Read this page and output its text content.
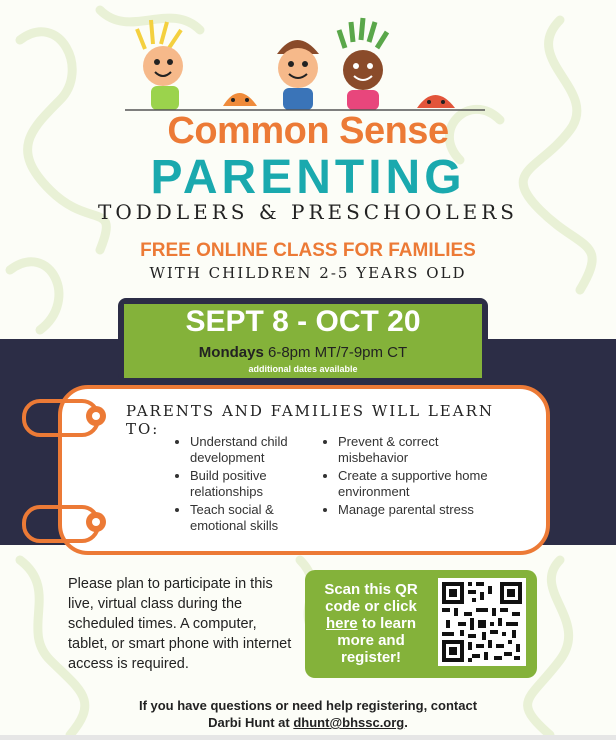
Common Sense
PARENTING
TODDLERS & PRESCHOOLERS
FREE ONLINE CLASS FOR FAMILIES
WITH CHILDREN 2-5 YEARS OLD
SEPT 8 - OCT 20
Mondays 6-8pm MT/7-9pm CT
additional dates available
PARENTS AND FAMILIES WILL LEARN TO:
• Understand child development
• Build positive relationships
• Teach social & emotional skills
• Prevent & correct misbehavior
• Create a supportive home environment
• Manage parental stress
Please plan to participate in this live, virtual class during the scheduled times. A computer, tablet, or smart phone with internet access is required.
Scan this QR code or click here to learn more and register!
If you have questions or need help registering, contact
Darbi Hunt at dhunt@bhssc.org.
